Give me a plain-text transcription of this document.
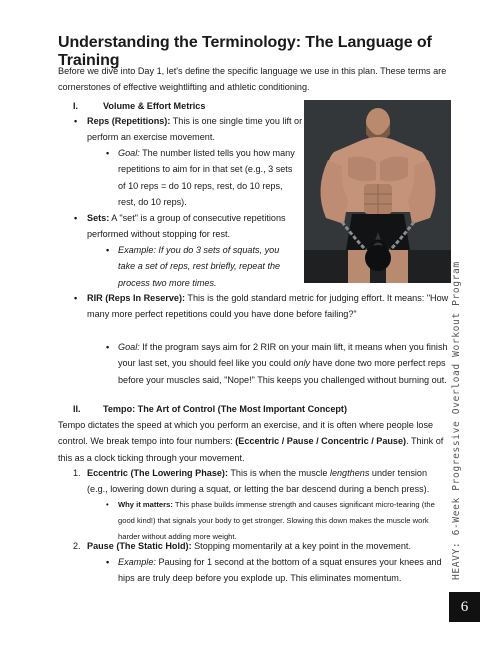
Understanding the Terminology: The Language of Training
Before we dive into Day 1, let's define the specific language we use in this plan. These terms are cornerstones of effective weightlifting and athletic conditioning.
I.	Volume & Effort Metrics
• Reps (Repetitions): This is one single time you lift or perform an exercise movement.
• Goal: The number listed tells you how many repetitions to aim for in that set (e.g., 3 sets of 10 reps = do 10 reps, rest, do 10 reps, rest, do 10 reps).
• Sets: A "set" is a group of consecutive repetitions performed without stopping for rest.
• Example: If you do 3 sets of squats, you take a set of reps, rest briefly, repeat the process two more times.
• RIR (Reps In Reserve): This is the gold standard metric for judging effort. It means: "How many more perfect repetitions could you have done before failing?"
• Goal: If the program says aim for 2 RIR on your main lift, it means when you finish your last set, you should feel like you could only have done two more perfect reps before your muscles said, "Nope!" This keeps you challenged without burning out.
II. Tempo: The Art of Control (The Most Important Concept)
Tempo dictates the speed at which you perform an exercise, and it is often where people lose control. We break tempo into four numbers: (Eccentric / Pause / Concentric / Pause). Think of this as a clock ticking through your movement.
1. Eccentric (The Lowering Phase): This is when the muscle lengthens under tension (e.g., lowering down during a squat, or letting the bar descend during a bench press).
• Why it matters: This phase builds immense strength and causes significant micro-tearing (the good kind!) that signals your body to get stronger. Slowing this down makes the muscle work harder without adding more weight.
2. Pause (The Static Hold): Stopping momentarily at a key point in the movement.
• Example: Pausing for 1 second at the bottom of a squat ensures your knees and hips are truly deep before you explode up. This eliminates momentum.	HEAVY: 6-Week Progressive Overload Workout Program
6
